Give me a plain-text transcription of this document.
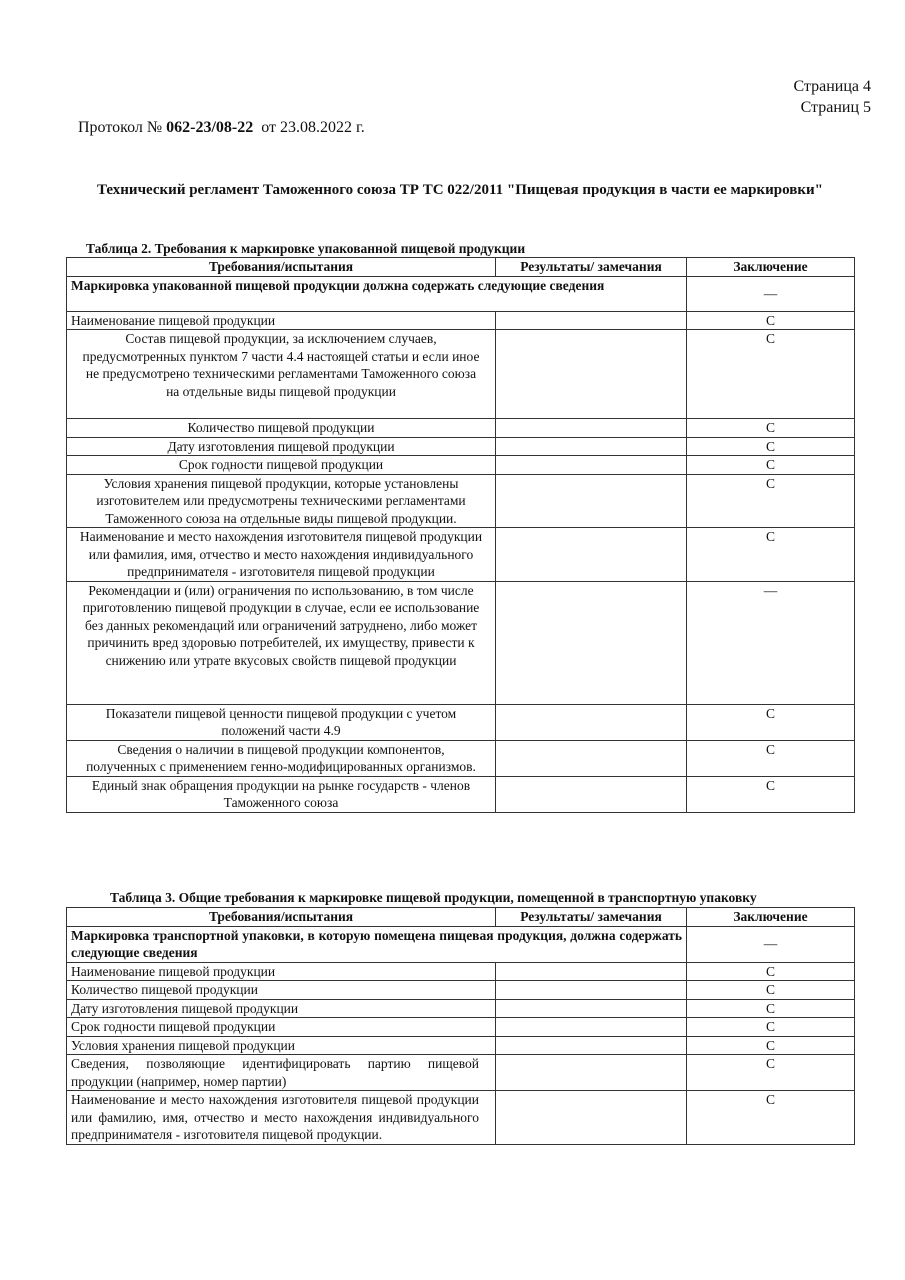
Страница 4
Страниц 5
Протокол № 062-23/08-22 от 23.08.2022 г.
Технический регламент Таможенного союза ТР ТС 022/2011 "Пищевая продукция в части ее маркировки"
Таблица 2. Требования к маркировке упакованной пищевой продукции
Требования/испытания	Результаты/ замечания	Заключение
Маркировка упакованной пищевой продукции должна содержать следующие сведения		—
Наименование пищевой продукции		С
Состав пищевой продукции, за исключением случаев, предусмотренных пунктом 7 части 4.4 настоящей статьи и если иное не предусмотрено техническими регламентами Таможенного союза на отдельные виды пищевой продукции		С
Количество пищевой продукции		С
Дату изготовления пищевой продукции		С
Срок годности пищевой продукции		С
Условия хранения пищевой продукции, которые установлены изготовителем или предусмотрены техническими регламентами Таможенного союза на отдельные виды пищевой продукции.		С
Наименование и место нахождения изготовителя пищевой продукции или фамилия, имя, отчество и место нахождения индивидуального предпринимателя - изготовителя пищевой продукции		С
Рекомендации и (или) ограничения по использованию, в том числе приготовлению пищевой продукции в случае, если ее использование без данных рекомендаций или ограничений затруднено, либо может причинить вред здоровью потребителей, их имуществу, привести к снижению или утрате вкусовых свойств пищевой продукции		—
Показатели пищевой ценности пищевой продукции с учетом положений части 4.9		С
Сведения о наличии в пищевой продукции компонентов, полученных с применением генно-модифицированных организмов.		С
Единый знак обращения продукции на рынке государств - членов Таможенного союза		С
Таблица 3. Общие требования к маркировке пищевой продукции, помещенной в транспортную упаковку
Требования/испытания	Результаты/ замечания	Заключение
Маркировка транспортной упаковки, в которую помещена пищевая продукция, должна содержать следующие сведения		—
Наименование пищевой продукции		С
Количество пищевой продукции		С
Дату изготовления пищевой продукции		С
Срок годности пищевой продукции		С
Условия хранения пищевой продукции		С
Сведения, позволяющие идентифицировать партию пищевой продукции (например, номер партии)		С
Наименование и место нахождения изготовителя пищевой продукции или фамилию, имя, отчество и место нахождения индивидуального предпринимателя - изготовителя пищевой продукции.		С
